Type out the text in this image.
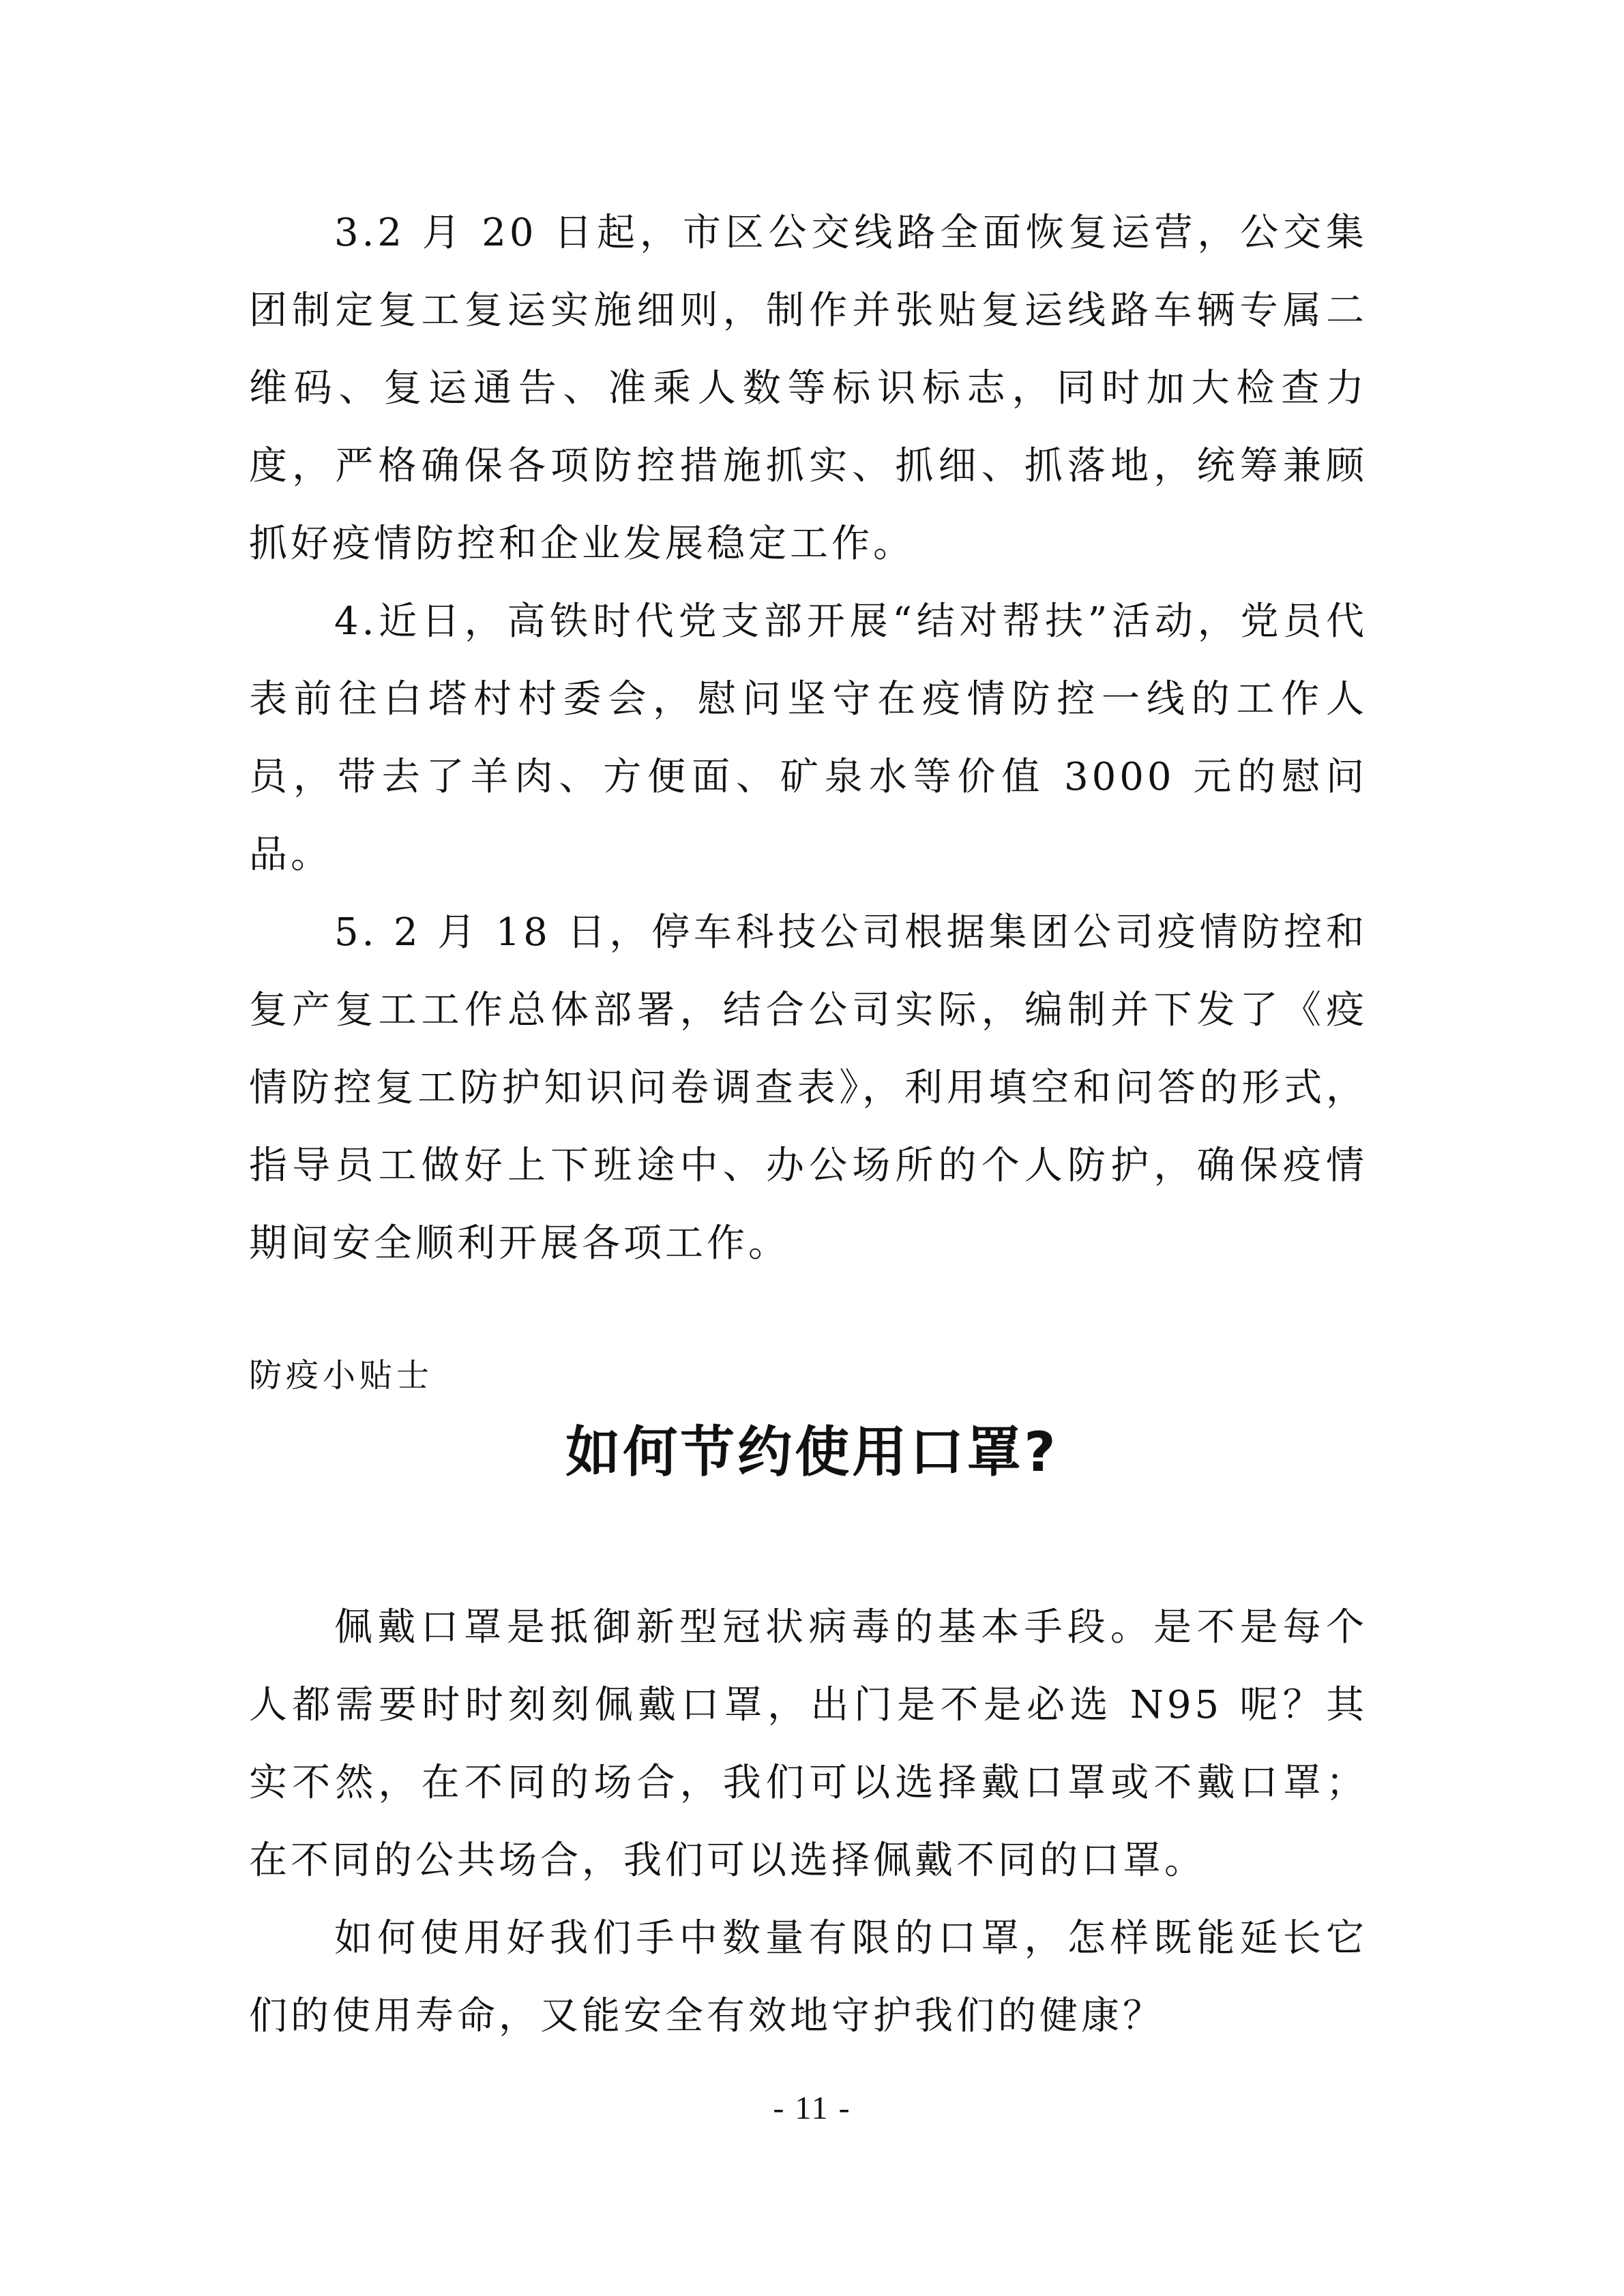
3.2 月 20 日起，市区公交线路全面恢复运营，公交集团制定复工复运实施细则，制作并张贴复运线路车辆专属二维码、复运通告、准乘人数等标识标志，同时加大检查力度，严格确保各项防控措施抓实、抓细、抓落地，统筹兼顾抓好疫情防控和企业发展稳定工作。

4.近日，高铁时代党支部开展“结对帮扶”活动，党员代表前往白塔村村委会，慰问坚守在疫情防控一线的工作人员，带去了羊肉、方便面、矿泉水等价值 3000 元的慰问品。

5. 2 月 18 日，停车科技公司根据集团公司疫情防控和复产复工工作总体部署，结合公司实际，编制并下发了《疫情防控复工防护知识问卷调查表》，利用填空和问答的形式，指导员工做好上下班途中、办公场所的个人防护，确保疫情期间安全顺利开展各项工作。

防疫小贴士

如何节约使用口罩?

佩戴口罩是抵御新型冠状病毒的基本手段。是不是每个人都需要时时刻刻佩戴口罩，出门是不是必选 N95 呢？其实不然，在不同的场合，我们可以选择戴口罩或不戴口罩；在不同的公共场合，我们可以选择佩戴不同的口罩。

如何使用好我们手中数量有限的口罩，怎样既能延长它们的使用寿命，又能安全有效地守护我们的健康？

- 11 -
